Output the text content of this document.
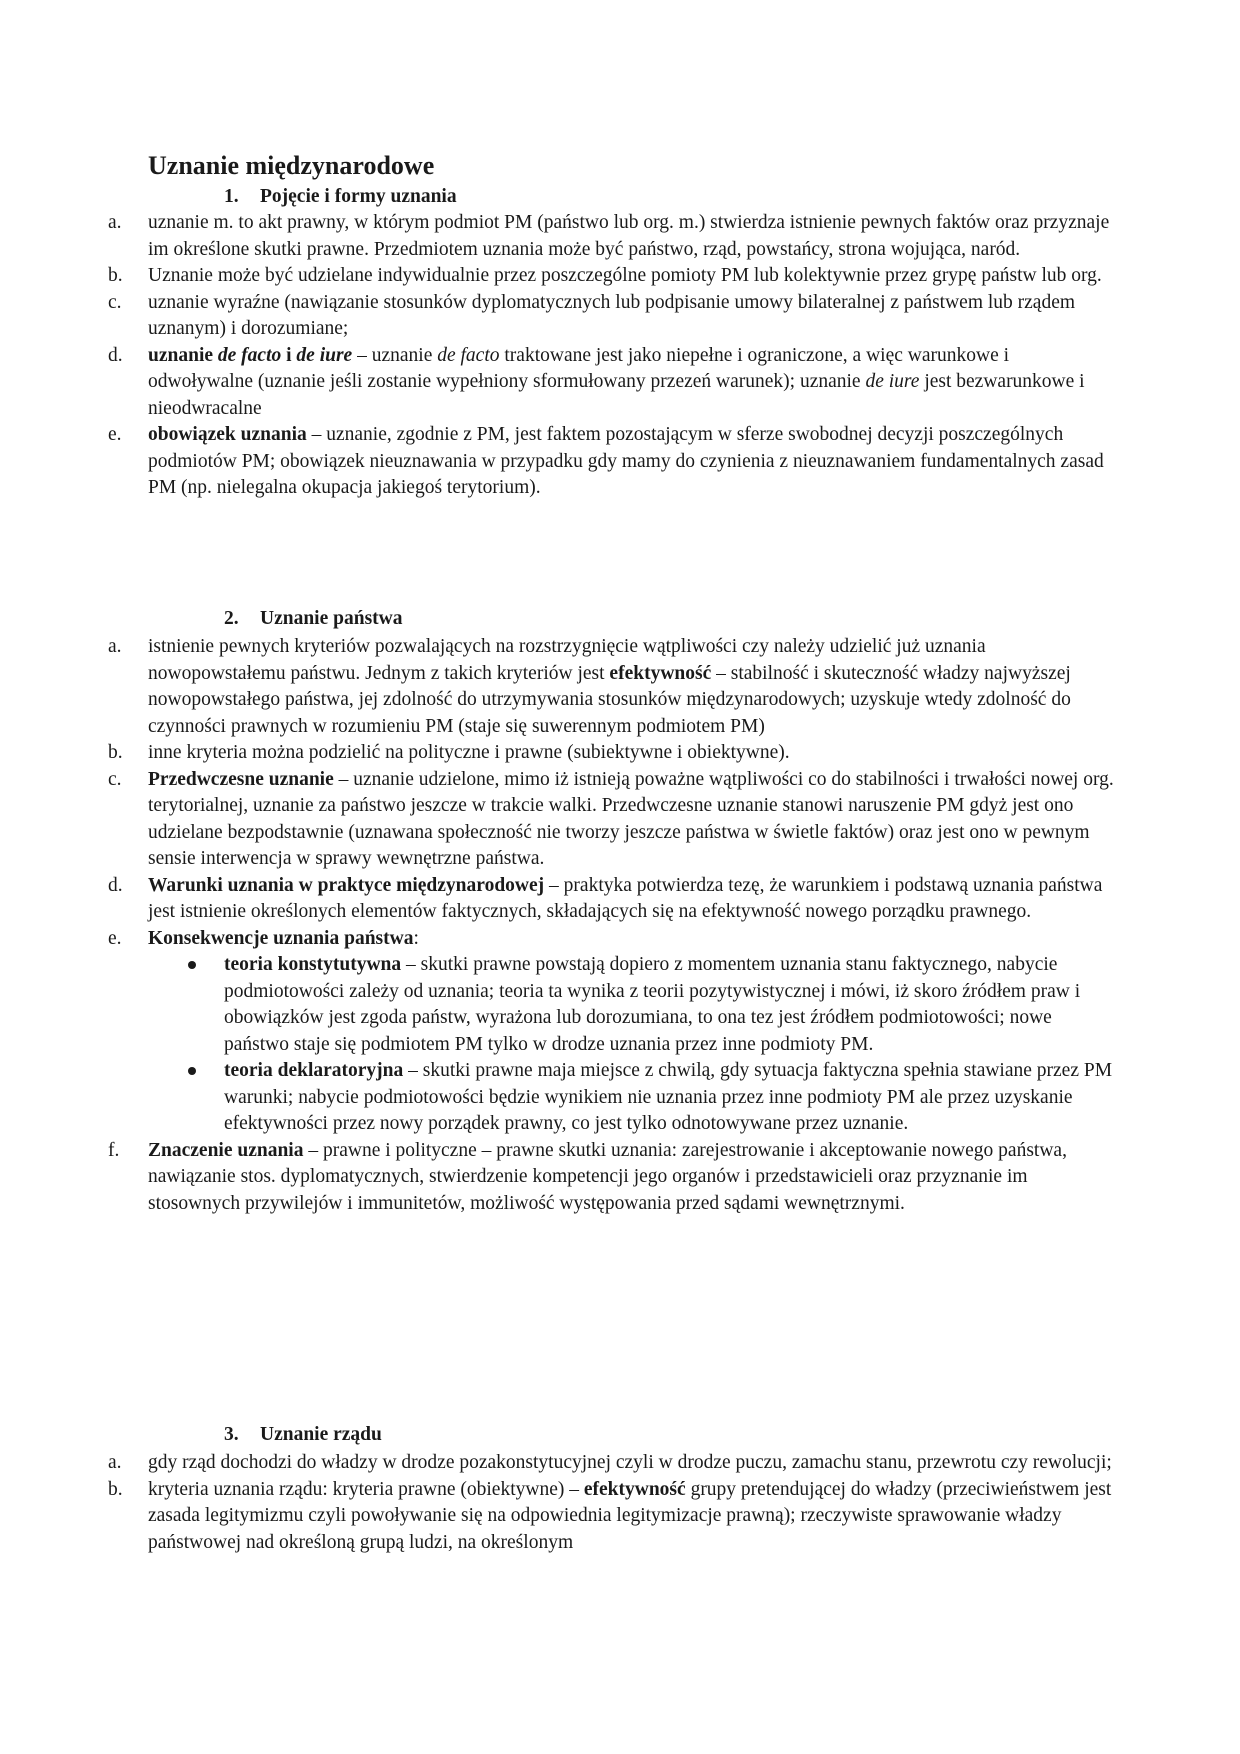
Uznanie międzynarodowe
1. Pojęcie i formy uznania
a.	uznanie m. to akt prawny, w którym podmiot PM (państwo lub org. m.) stwierdza istnienie pewnych faktów oraz przyznaje im określone skutki prawne. Przedmiotem uznania może być państwo, rząd, powstańcy, strona wojująca, naród.
b.	Uznanie może być udzielane indywidualnie przez poszczególne pomioty PM lub kolektywnie przez grypę państw lub org.
c.	uznanie wyraźne (nawiązanie stosunków dyplomatycznych lub podpisanie umowy bilateralnej z państwem lub rządem uznanym) i dorozumiane;
d.	uznanie de facto i de iure – uznanie de facto traktowane jest jako niepełne i ograniczone, a więc warunkowe i odwoływalne (uznanie jeśli zostanie wypełniony sformułowany przezeń warunek); uznanie de iure jest bezwarunkowe i nieodwracalne
e.	obowiązek uznania – uznanie, zgodnie z PM, jest faktem pozostającym w sferze swobodnej decyzji poszczególnych podmiotów PM; obowiązek nieuznawania w przypadku gdy mamy do czynienia z nieuznawaniem fundamentalnych zasad PM (np. nielegalna okupacja jakiegoś terytorium).
2. Uznanie państwa
a.	istnienie pewnych kryteriów pozwalających na rozstrzygnięcie wątpliwości czy należy udzielić już uznania nowopowstałemu państwu. Jednym z takich kryteriów jest efektywność – stabilność i skuteczność władzy najwyższej nowopowstałego państwa, jej zdolność do utrzymywania stosunków międzynarodowych; uzyskuje wtedy zdolność do czynności prawnych w rozumieniu PM (staje się suwerennym podmiotem PM)
b.	inne kryteria można podzielić na polityczne i prawne (subiektywne i obiektywne).
c.	Przedwczesne uznanie – uznanie udzielone, mimo iż istnieją poważne wątpliwości co do stabilności i trwałości nowej org. terytorialnej, uznanie za państwo jeszcze w trakcie walki. Przedwczesne uznanie stanowi naruszenie PM gdyż jest ono udzielane bezpodstawnie (uznawana społeczność nie tworzy jeszcze państwa w świetle faktów) oraz jest ono w pewnym sensie interwencja w sprawy wewnętrzne państwa.
d.	Warunki uznania w praktyce międzynarodowej – praktyka potwierdza tezę, że warunkiem i podstawą uznania państwa jest istnienie określonych elementów faktycznych, składających się na efektywność nowego porządku prawnego.
e.	Konsekwencje uznania państwa:
teoria konstytutywna – skutki prawne powstają dopiero z momentem uznania stanu faktycznego, nabycie podmiotowości zależy od uznania; teoria ta wynika z teorii pozytywistycznej i mówi, iż skoro źródłem praw i obowiązków jest zgoda państw, wyrażona lub dorozumiana, to ona tez jest źródłem podmiotowości; nowe państwo staje się podmiotem PM tylko w drodze uznania przez inne podmioty PM.
teoria deklaratoryjna – skutki prawne maja miejsce z chwilą, gdy sytuacja faktyczna spełnia stawiane przez PM warunki; nabycie podmiotowości będzie wynikiem nie uznania przez inne podmioty PM ale przez uzyskanie efektywności przez nowy porządek prawny, co jest tylko odnotowywane przez uznanie.
f.	Znaczenie uznania – prawne i polityczne – prawne skutki uznania: zarejestrowanie i akceptowanie nowego państwa, nawiązanie stos. dyplomatycznych, stwierdzenie kompetencji jego organów i przedstawicieli oraz przyznanie im stosownych przywilejów i immunitetów, możliwość występowania przed sądami wewnętrznymi.
3. Uznanie rządu
a.	gdy rząd dochodzi do władzy w drodze pozakonstytucyjnej czyli w drodze puczu, zamachu stanu, przewrotu czy rewolucji;
b.	kryteria uznania rządu: kryteria prawne (obiektywne) – efektywność grupy pretendującej do władzy (przeciwieństwem jest zasada legitymizmu czyli powoływanie się na odpowiednia legitymizacje prawną); rzeczywiste sprawowanie władzy państwowej nad określoną grupą ludzi, na określonym
